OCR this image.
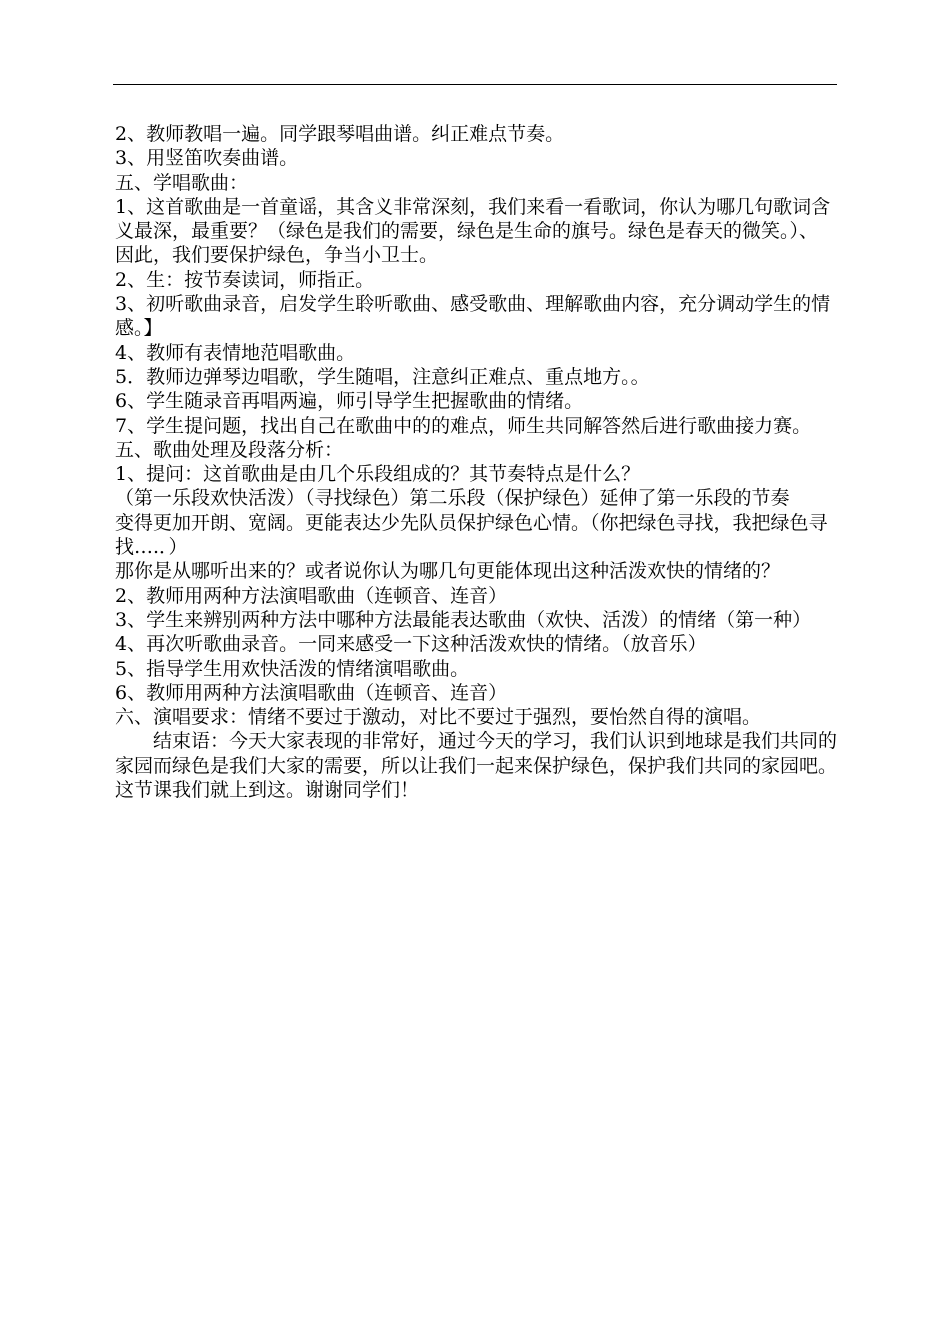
2、教师教唱一遍。同学跟琴唱曲谱。纠正难点节奏。

3、用竖笛吹奏曲谱。

五、学唱歌曲：

1、这首歌曲是一首童谣，其含义非常深刻，我们来看一看歌词，你认为哪几句歌词含义最深，最重要？（绿色是我们的需要，绿色是生命的旗号。绿色是春天的微笑。）、

因此，我们要保护绿色，争当小卫士。

2、生：按节奏读词，师指正。

3、初听歌曲录音，启发学生聆听歌曲、感受歌曲、理解歌曲内容，充分调动学生的情感。】

4、教师有表情地范唱歌曲。

5．教师边弹琴边唱歌，学生随唱，注意纠正难点、重点地方。。

6、学生随录音再唱两遍，师引导学生把握歌曲的情绪。

7、学生提问题，找出自己在歌曲中的的难点，师生共同解答然后进行歌曲接力赛。

五、歌曲处理及段落分析：

1、提问：这首歌曲是由几个乐段组成的？其节奏特点是什么？

（第一乐段欢快活泼）（寻找绿色）第二乐段（保护绿色）延伸了第一乐段的节奏

变得更加开朗、宽阔。更能表达少先队员保护绿色心情。（你把绿色寻找，我把绿色寻找….．）

那你是从哪听出来的？或者说你认为哪几句更能体现出这种活泼欢快的情绪的？

2、教师用两种方法演唱歌曲（连顿音、连音）

3、学生来辨别两种方法中哪种方法最能表达歌曲（欢快、活泼）的情绪（第一种）

4、再次听歌曲录音。一同来感受一下这种活泼欢快的情绪。（放音乐）

5、指导学生用欢快活泼的情绪演唱歌曲。

6、教师用两种方法演唱歌曲（连顿音、连音）

六、演唱要求：情绪不要过于激动，对比不要过于强烈，要怡然自得的演唱。

结束语：今天大家表现的非常好，通过今天的学习，我们认识到地球是我们共同的家园而绿色是我们大家的需要，所以让我们一起来保护绿色，保护我们共同的家园吧。这节课我们就上到这。谢谢同学们！
